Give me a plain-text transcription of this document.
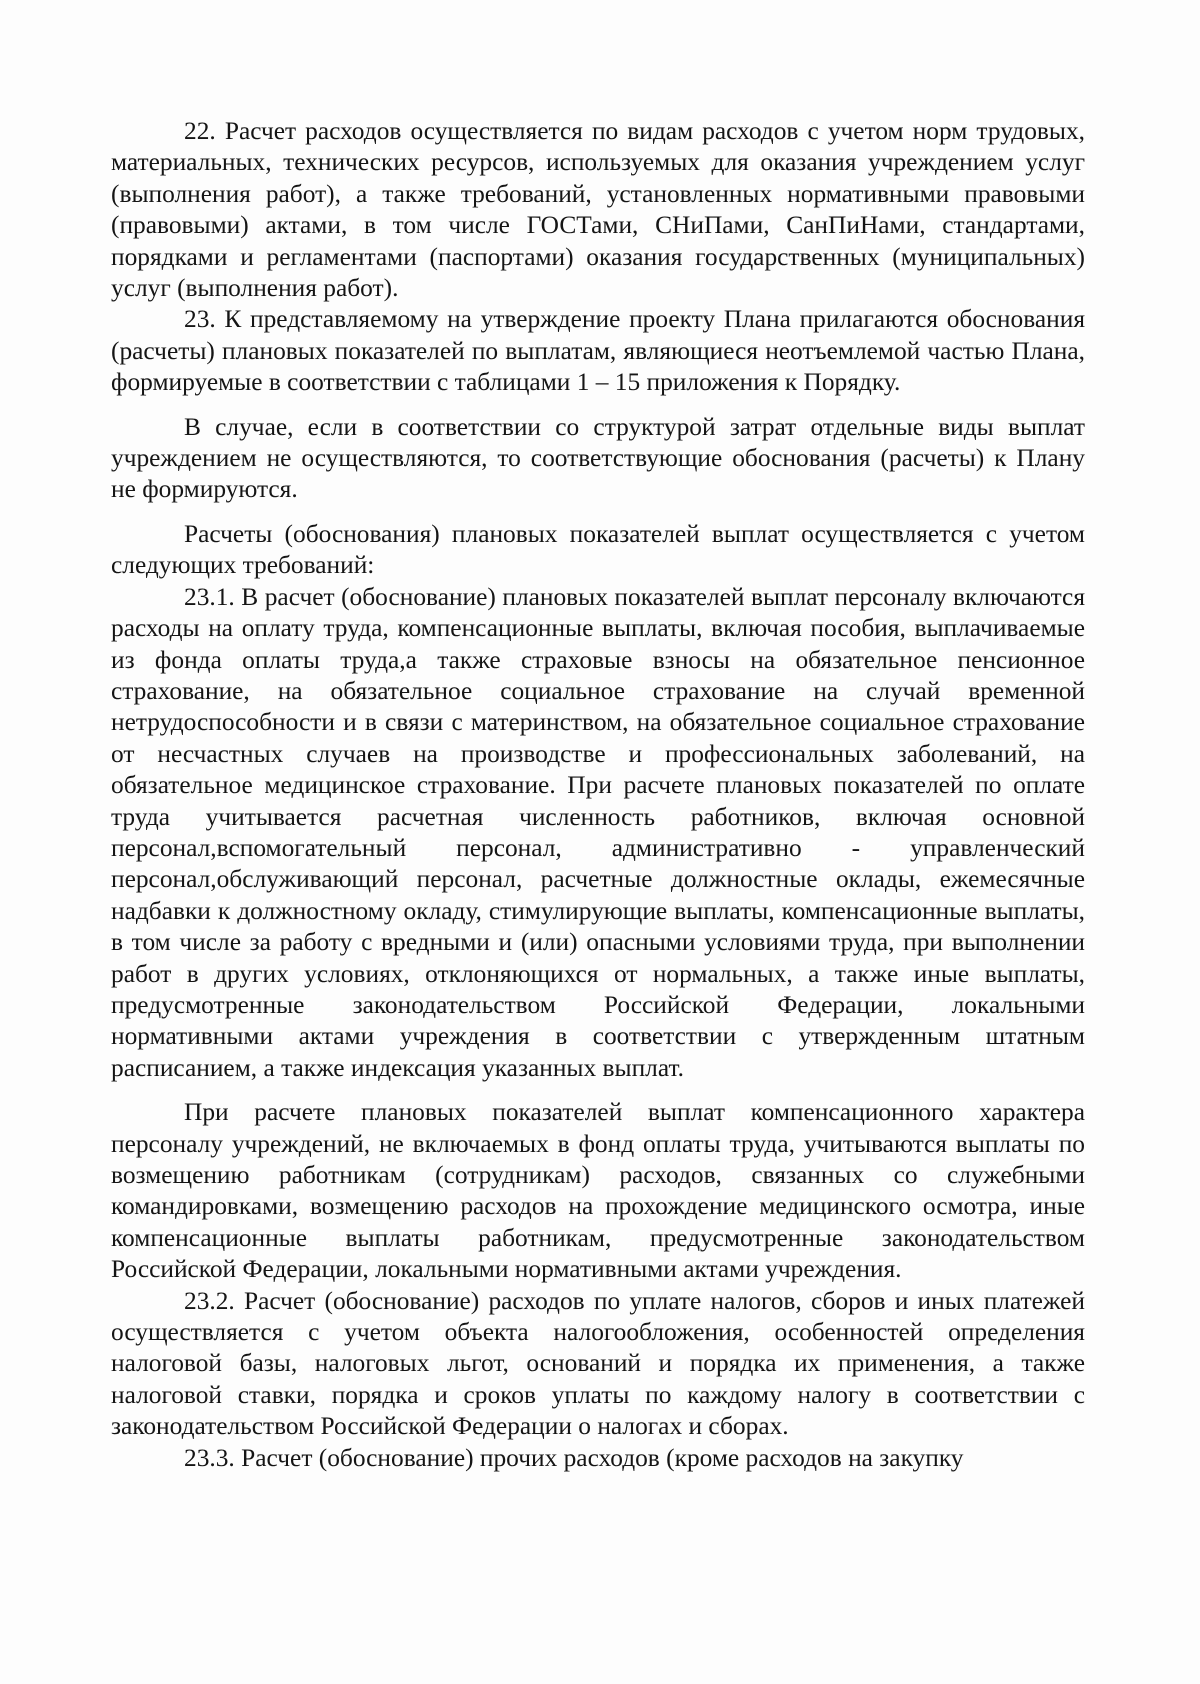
22. Расчет расходов осуществляется по видам расходов с учетом норм трудовых, материальных, технических ресурсов, используемых для оказания учреждением услуг (выполнения работ), а также требований, установленных нормативными правовыми (правовыми) актами, в том числе ГОСТами, СНиПами, СанПиНами, стандартами, порядками и регламентами (паспортами) оказания государственных (муниципальных) услуг (выполнения работ).

23. К представляемому на утверждение проекту Плана прилагаются обоснования (расчеты) плановых показателей по выплатам, являющиеся неотъемлемой частью Плана, формируемые в соответствии с таблицами 1 – 15 приложения к Порядку.

В случае, если в соответствии со структурой затрат отдельные виды выплат учреждением не осуществляются, то соответствующие обоснования (расчеты) к Плану не формируются.

Расчеты (обоснования) плановых показателей выплат осуществляется с учетом следующих требований:

23.1. В расчет (обоснование) плановых показателей выплат персоналу включаются расходы на оплату труда, компенсационные выплаты, включая пособия, выплачиваемые из фонда оплаты труда,а также страховые взносы на обязательное пенсионное страхование, на обязательное социальное страхование на случай временной нетрудоспособности и в связи с материнством, на обязательное социальное страхование от несчастных случаев на производстве и профессиональных заболеваний, на обязательное медицинское страхование. При расчете плановых показателей по оплате труда учитывается расчетная численность работников, включая основной персонал,вспомогательный персонал, административно - управленческий персонал,обслуживающий персонал, расчетные должностные оклады, ежемесячные надбавки к должностному окладу, стимулирующие выплаты, компенсационные выплаты, в том числе за работу с вредными и (или) опасными условиями труда, при выполнении работ в других условиях, отклоняющихся от нормальных, а также иные выплаты, предусмотренные законодательством Российской Федерации, локальными нормативными актами учреждения в соответствии с утвержденным штатным расписанием, а также индексация указанных выплат.

При расчете плановых показателей выплат компенсационного характера персоналу учреждений, не включаемых в фонд оплаты труда, учитываются выплаты по возмещению работникам (сотрудникам) расходов, связанных со служебными командировками, возмещению расходов на прохождение медицинского осмотра, иные компенсационные выплаты работникам, предусмотренные законодательством Российской Федерации, локальными нормативными актами учреждения.

23.2. Расчет (обоснование) расходов по уплате налогов, сборов и иных платежей осуществляется с учетом объекта налогообложения, особенностей определения налоговой базы, налоговых льгот, оснований и порядка их применения, а также налоговой ставки, порядка и сроков уплаты по каждому налогу в соответствии с законодательством Российской Федерации о налогах и сборах.

23.3. Расчет (обоснование) прочих расходов (кроме расходов на закупку
